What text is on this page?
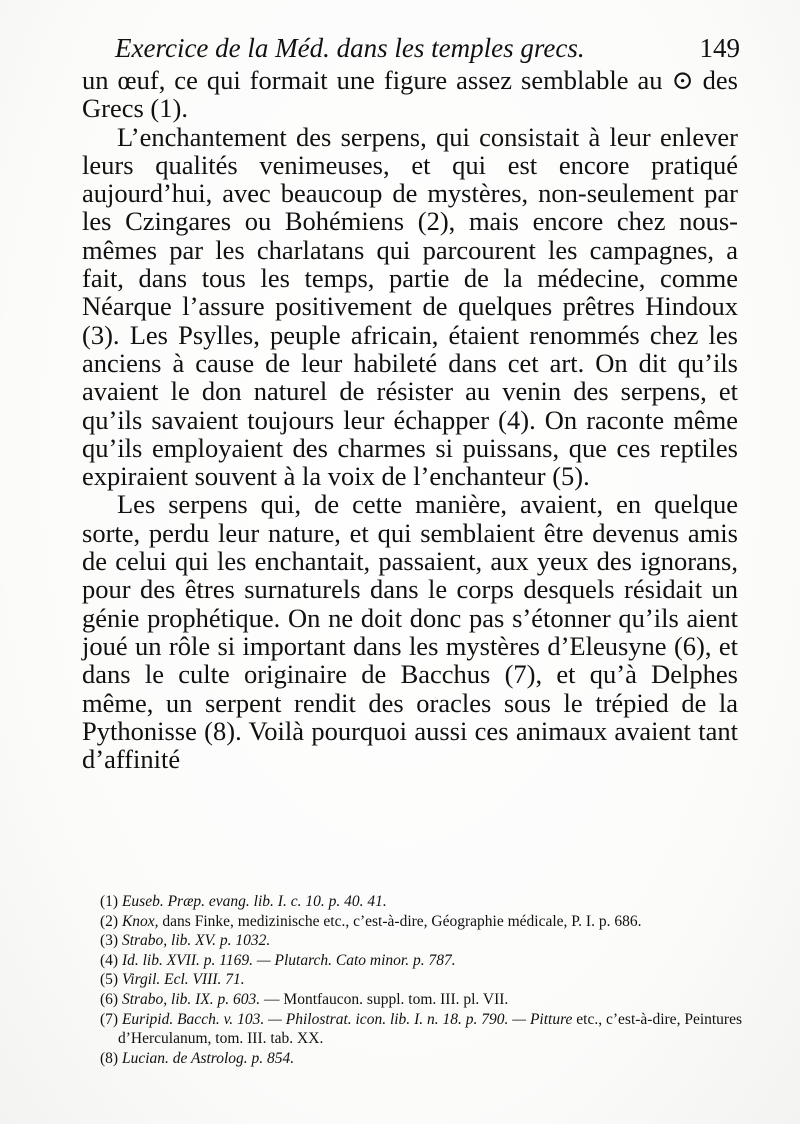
Exercice de la Méd. dans les temples grecs.	149

un œuf, ce qui formait une figure assez semblable au ⊙ des Grecs (1).

L’enchantement des serpens, qui consistait à leur enlever leurs qualités venimeuses, et qui est encore pratiqué aujourd’hui, avec beaucoup de mystères, non-seulement par les Czingares ou Bohémiens (2), mais encore chez nous-mêmes par les charlatans qui parcourent les campagnes, a fait, dans tous les temps, partie de la médecine, comme Néarque l’assure positivement de quelques prêtres Hindoux (3). Les Psylles, peuple africain, étaient renommés chez les anciens à cause de leur habileté dans cet art. On dit qu’ils avaient le don naturel de résister au venin des serpens, et qu’ils savaient toujours leur échapper (4). On raconte même qu’ils employaient des charmes si puissans, que ces reptiles expiraient souvent à la voix de l’enchanteur (5).

Les serpens qui, de cette manière, avaient, en quelque sorte, perdu leur nature, et qui semblaient être devenus amis de celui qui les enchantait, passaient, aux yeux des ignorans, pour des êtres surnaturels dans le corps desquels résidait un génie prophétique. On ne doit donc pas s’étonner qu’ils aient joué un rôle si important dans les mystères d’Eleusyne (6), et dans le culte originaire de Bacchus (7), et qu’à Delphes même, un serpent rendit des oracles sous le trépied de la Pythonisse (8). Voilà pourquoi aussi ces animaux avaient tant d’affinité

(1) Euseb. Præp. evang. lib. I. c. 10. p. 40. 41.

(2) Knox, dans Finke, medizinische etc., c’est-à-dire, Géographie médicale, P. I. p. 686.

(3) Strabo, lib. XV. p. 1032.

(4) Id. lib. XVII. p. 1169. — Plutarch. Cato minor. p. 787.

(5) Virgil. Ecl. VIII. 71.

(6) Strabo, lib. IX. p. 603. — Montfaucon. suppl. tom. III. pl. VII.

(7) Euripid. Bacch. v. 103. — Philostrat. icon. lib. I. n. 18. p. 790. — Pitture etc., c’est-à-dire, Peintures d’Herculanum, tom. III. tab. XX.

(8) Lucian. de Astrolog. p. 854.
